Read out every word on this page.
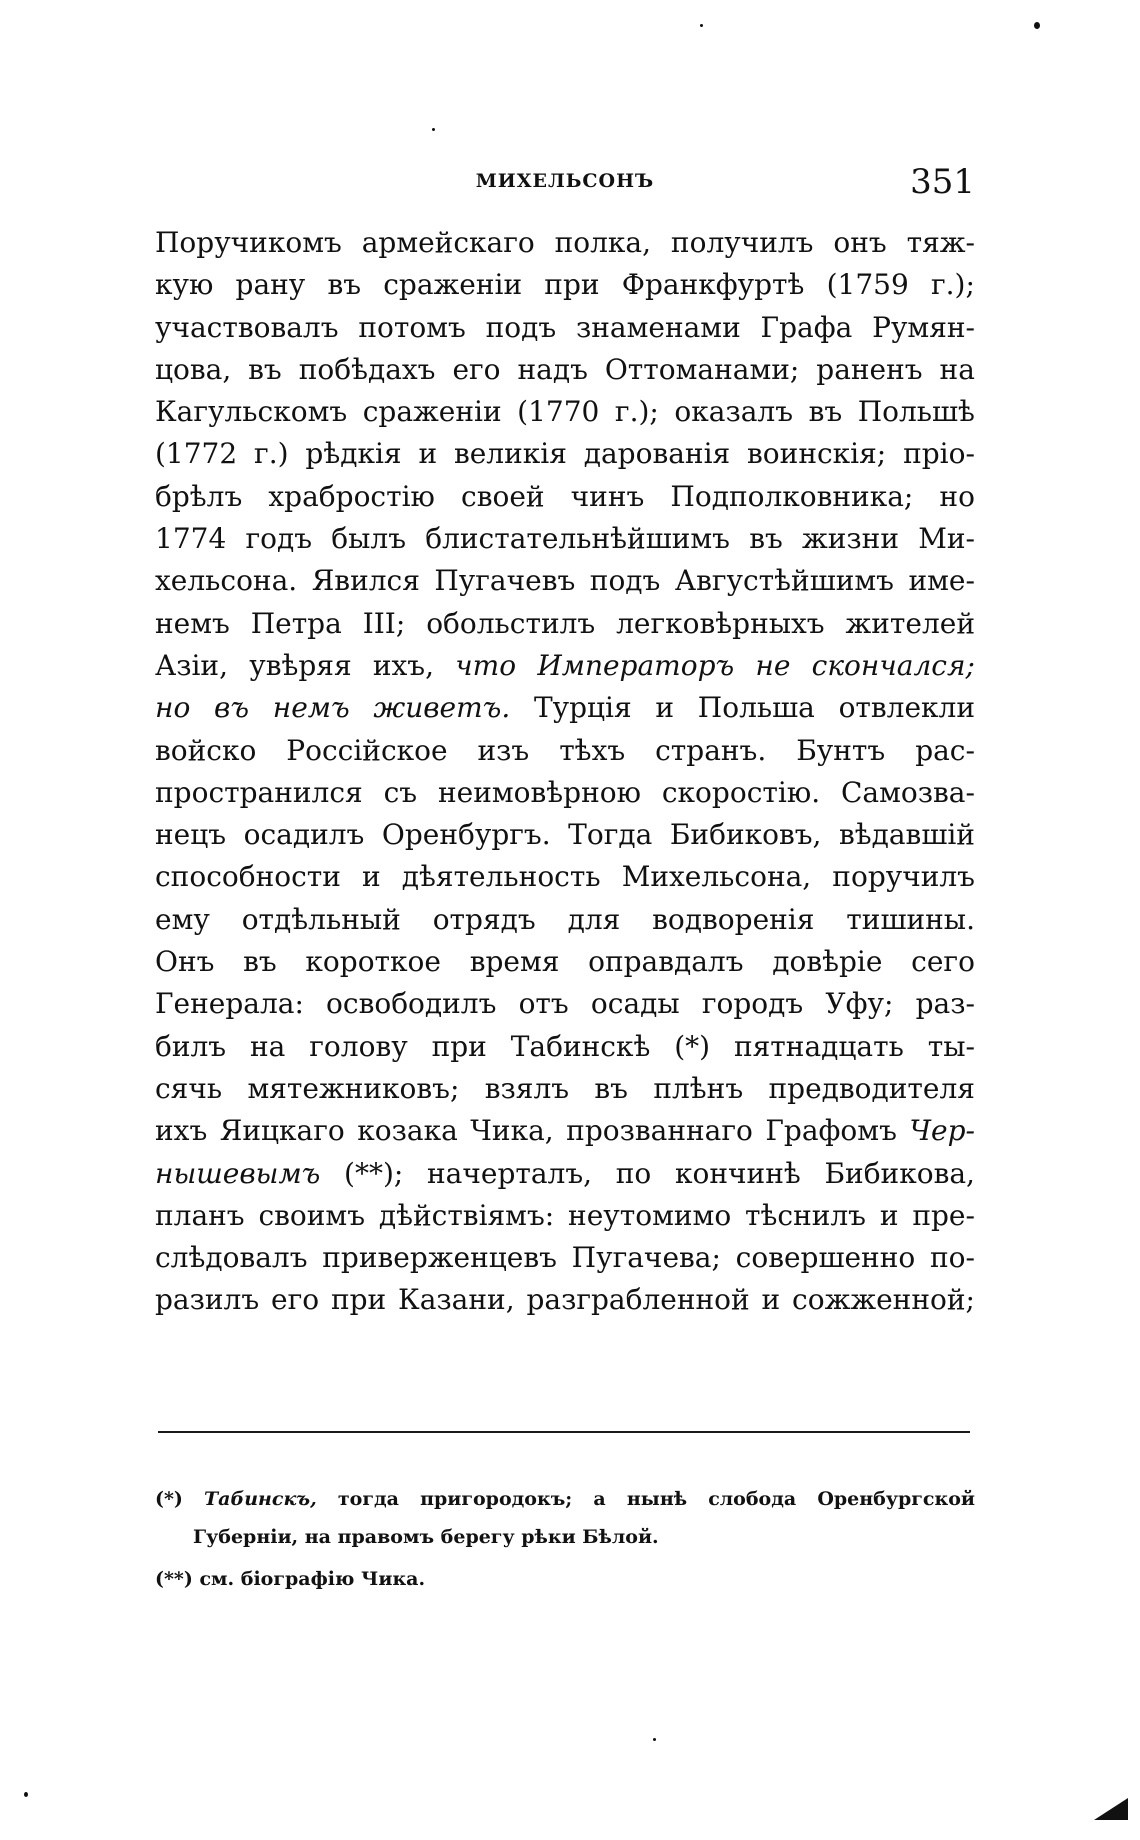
МИХЕЛЬСОНЪ	351
Поручикомъ армейскаго полка, получилъ онъ тяж-
кую рану въ сраженіи при Франкфуртѣ (1759 г.);
участвовалъ потомъ подъ знаменами Графа Румян-
цова, въ побѣдахъ его надъ Оттоманами; раненъ на
Кагульскомъ сраженіи (1770 г.); оказалъ въ Польшѣ
(1772 г.) рѣдкія и великія дарованія воинскія; пріо-
брѣлъ храбростію своей чинъ Подполковника; но
1774 годъ былъ блистательнѣйшимъ въ жизни Ми-
хельсона. Явился Пугачевъ подъ Августѣйшимъ име-
немъ Петра III; обольстилъ легковѣрныхъ жителей
Азіи, увѣряя ихъ, что Императоръ не скончался;
но въ немъ живетъ. Турція и Польша отвлекли
войско Россійское изъ тѣхъ странъ. Бунтъ рас-
пространился съ неимовѣрною скоростію. Самозва-
нецъ осадилъ Оренбургъ. Тогда Бибиковъ, вѣдавшій
способности и дѣятельность Михельсона, поручилъ
ему отдѣльный отрядъ для водворенія тишины.
Онъ въ короткое время оправдалъ довѣріе сего
Генерала: освободилъ отъ осады городъ Уфу; раз-
билъ на голову при Табинскѣ (*) пятнадцать ты-
сячь мятежниковъ; взялъ въ плѣнъ предводителя
ихъ Яицкаго козака Чика, прозваннаго Графомъ Чер-
нышевымъ (**); начерталъ, по кончинѣ Бибикова,
планъ своимъ дѣйствіямъ: неутомимо тѣснилъ и пре-
слѣдовалъ приверженцевъ Пугачева; совершенно по-
разилъ его при Казани, разграбленной и сожженной;
(*) Табинскъ, тогда пригородокъ; а нынѣ слобода Оренбургской
Губерніи, на правомъ берегу рѣки Бѣлой.
(**) см. біографію Чика.
